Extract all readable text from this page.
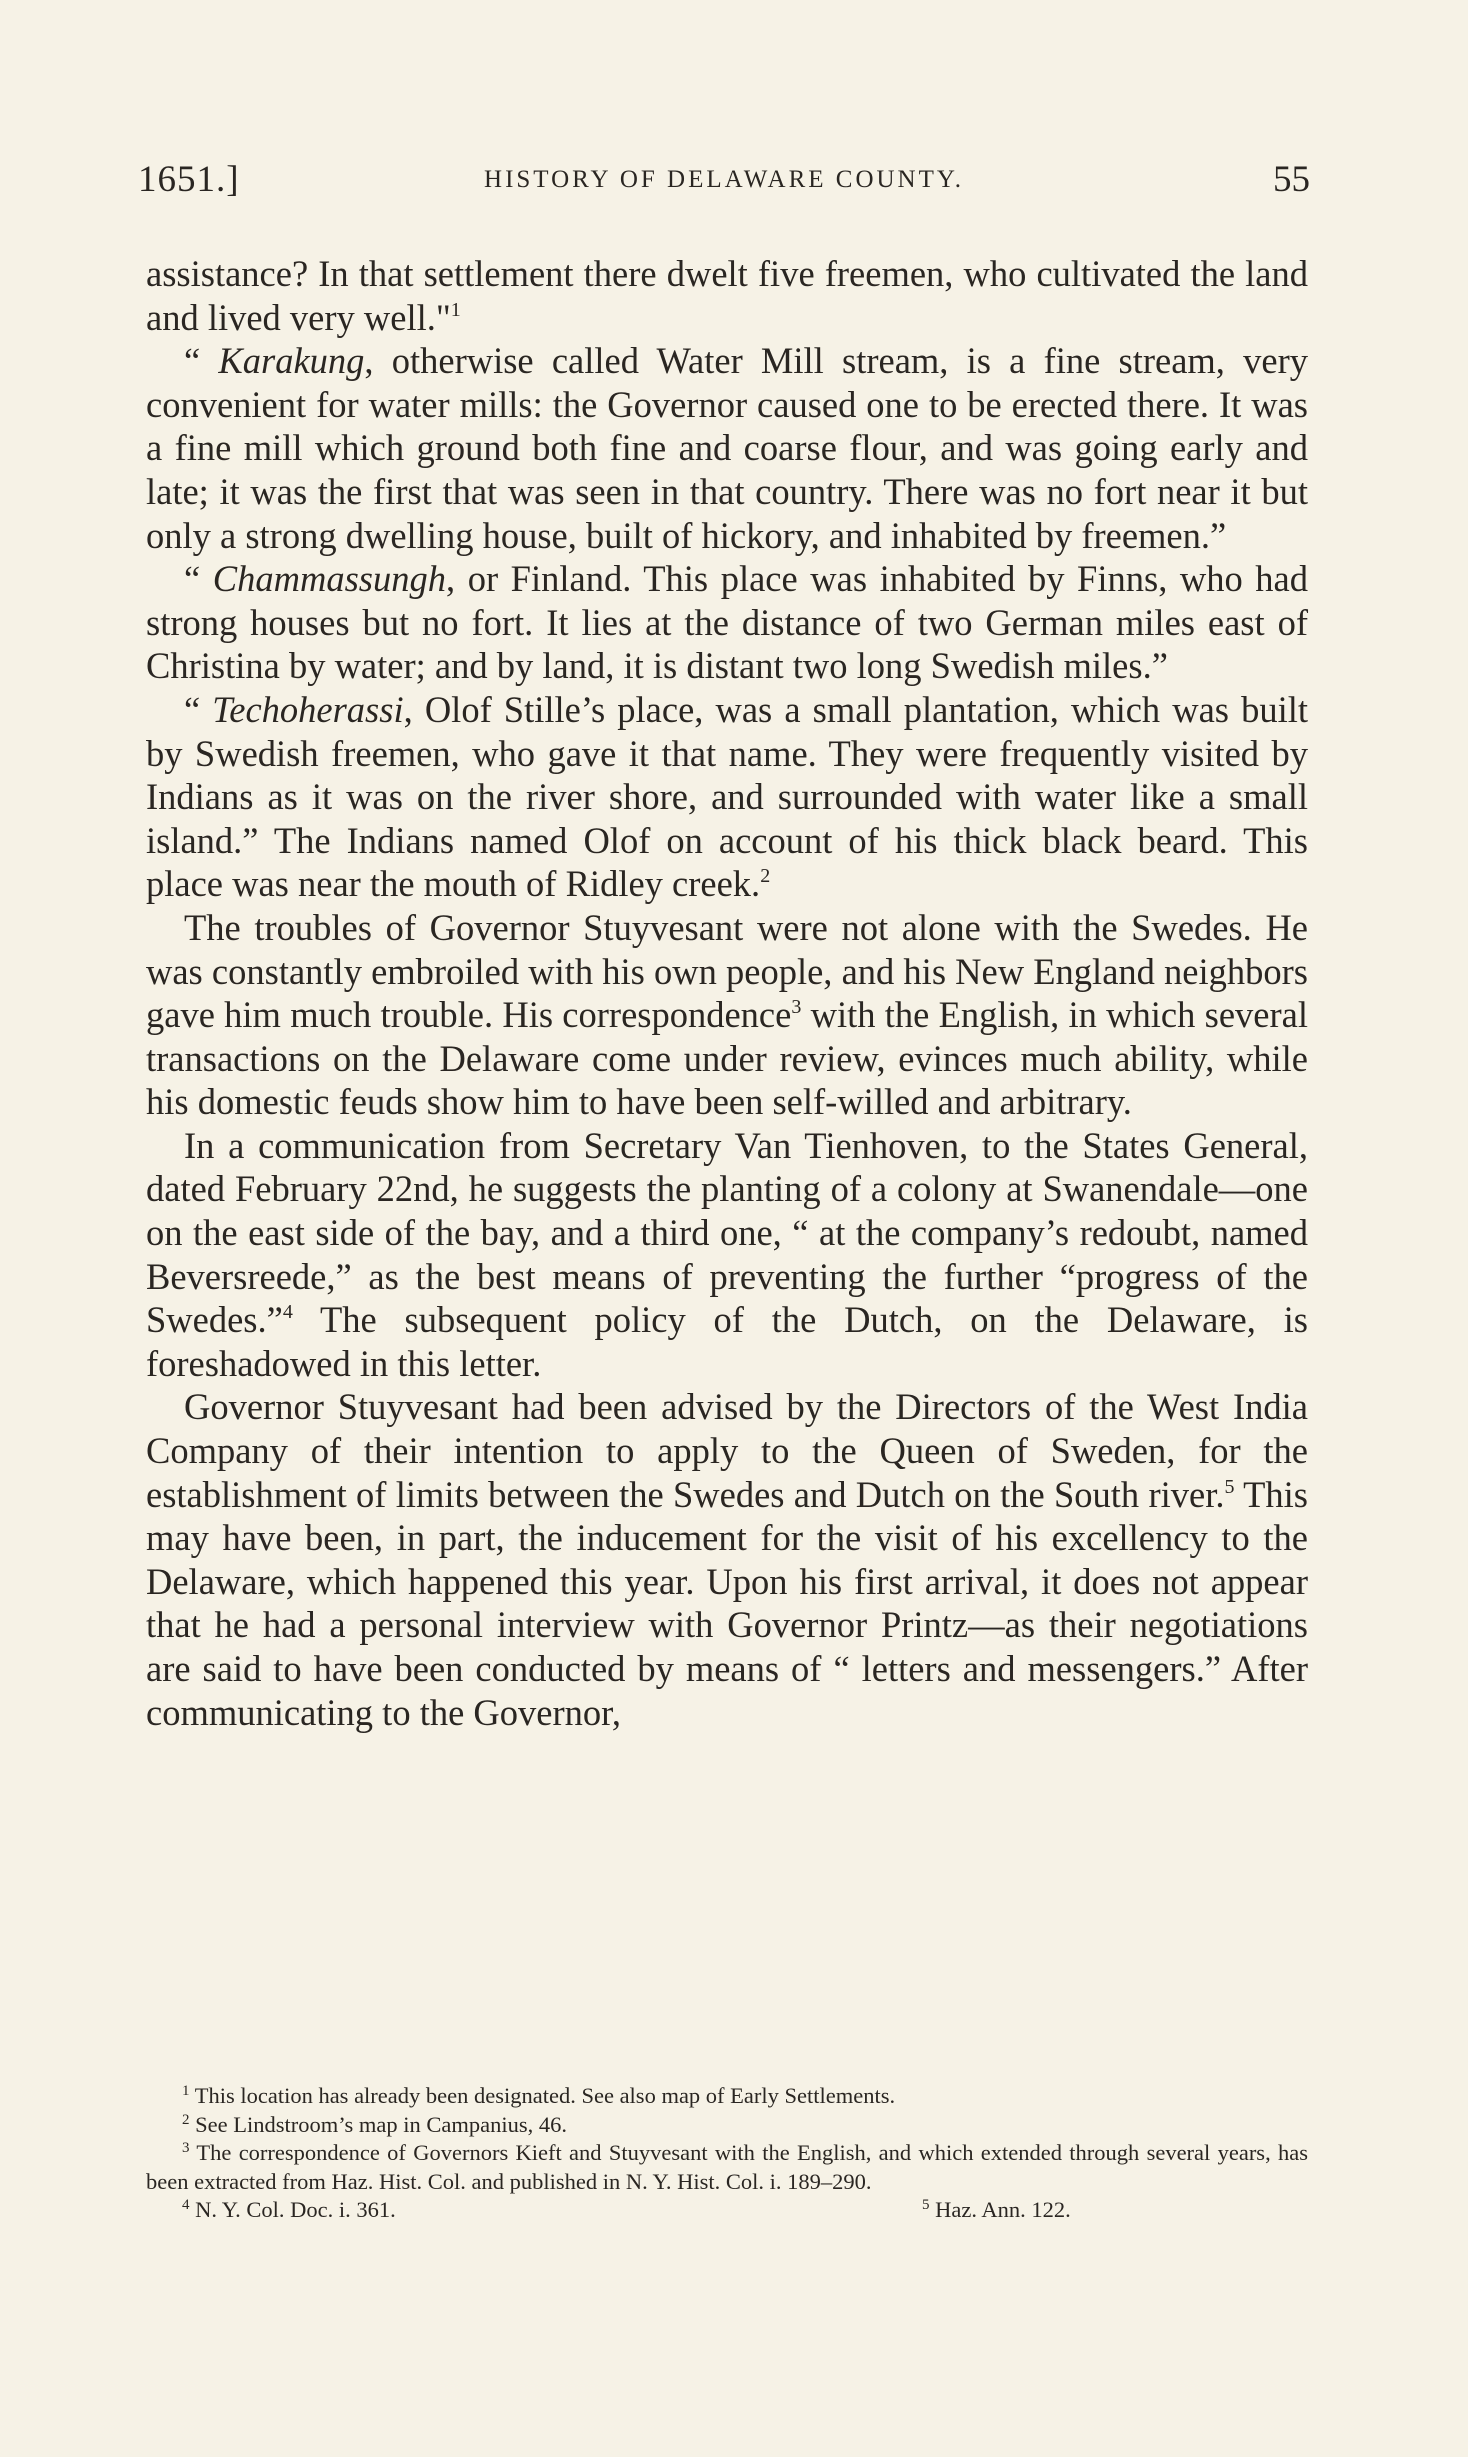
1651.]	HISTORY OF DELAWARE COUNTY.	55

assistance? In that settlement there dwelt five freemen, who cultivated the land and lived very well."$^1$

“ Karakung, otherwise called Water Mill stream, is a fine stream, very convenient for water mills: the Governor caused one to be erected there. It was a fine mill which ground both fine and coarse flour, and was going early and late; it was the first that was seen in that country. There was no fort near it but only a strong dwelling house, built of hickory, and inhabited by freemen.”

“ Chammassungh, or Finland. This place was inhabited by Finns, who had strong houses but no fort. It lies at the distance of two German miles east of Christina by water; and by land, it is distant two long Swedish miles.”

“ Techoherassi, Olof Stille’s place, was a small plantation, which was built by Swedish freemen, who gave it that name. They were frequently visited by Indians as it was on the river shore, and surrounded with water like a small island.” The Indians named Olof on account of his thick black beard. This place was near the mouth of Ridley creek.$^2$

The troubles of Governor Stuyvesant were not alone with the Swedes. He was constantly embroiled with his own people, and his New England neighbors gave him much trouble. His correspondence$^3$ with the English, in which several transactions on the Delaware come under review, evinces much ability, while his domestic feuds show him to have been self-willed and arbitrary.

In a communication from Secretary Van Tienhoven, to the States General, dated February 22nd, he suggests the planting of a colony at Swanendale—one on the east side of the bay, and a third one, “ at the company’s redoubt, named Beversreede,” as the best means of preventing the further “progress of the Swedes.”$^4$ The subsequent policy of the Dutch, on the Delaware, is foreshadowed in this letter.

Governor Stuyvesant had been advised by the Directors of the West India Company of their intention to apply to the Queen of Sweden, for the establishment of limits between the Swedes and Dutch on the South river.$^5$ This may have been, in part, the inducement for the visit of his excellency to the Delaware, which happened this year. Upon his first arrival, it does not appear that he had a personal interview with Governor Printz—as their negotiations are said to have been conducted by means of “ letters and messengers.” After communicating to the Governor,

$^1$ This location has already been designated. See also map of Early Settlements.

$^2$ See Lindstroom’s map in Campanius, 46.

$^3$ The correspondence of Governors Kieft and Stuyvesant with the English, and which extended through several years, has been extracted from Haz. Hist. Col. and published in N. Y. Hist. Col. i. 189–290.

$^4$ N. Y. Col. Doc. i. 361.	$^5$ Haz. Ann. 122.
